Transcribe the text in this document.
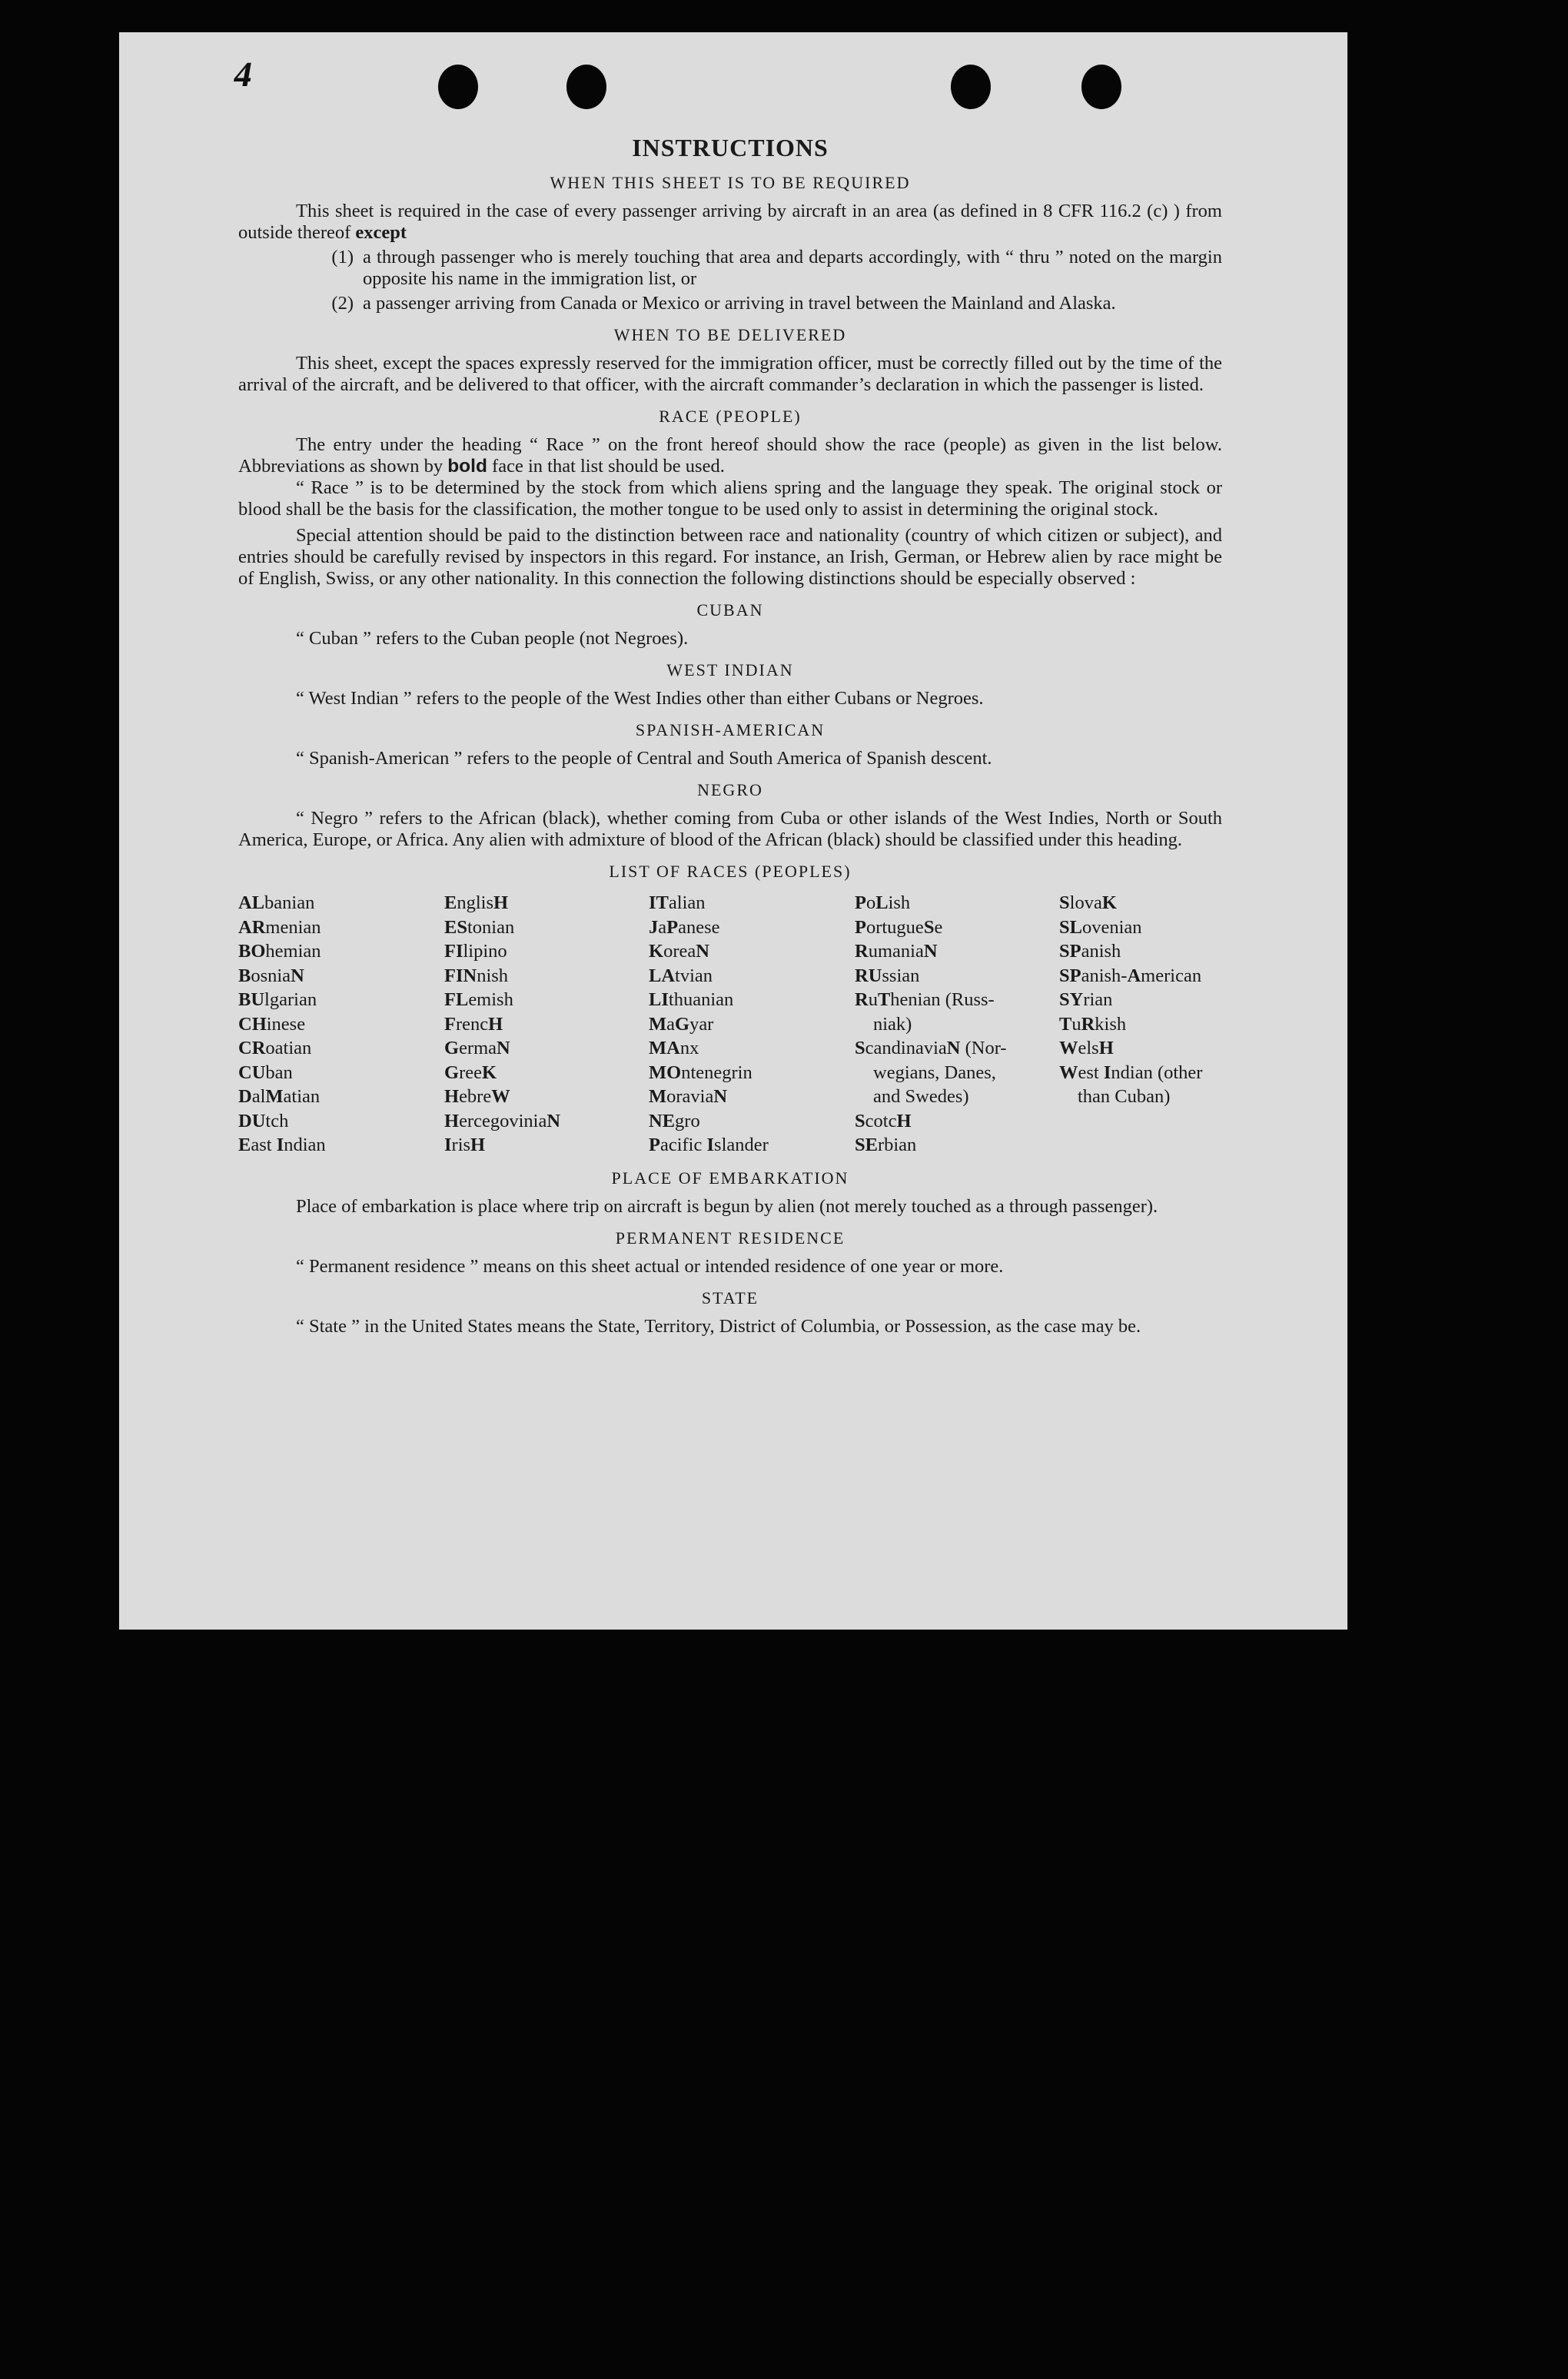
4
INSTRUCTIONS
WHEN THIS SHEET IS TO BE REQUIRED

This sheet is required in the case of every passenger arriving by aircraft in an area (as defined in 8 CFR 116.2 (c) ) from outside thereof except

(1) a through passenger who is merely touching that area and departs accordingly, with “ thru ” noted on the margin opposite his name in the immigration list, or
(2) a passenger arriving from Canada or Mexico or arriving in travel between the Mainland and Alaska.
WHEN TO BE DELIVERED

This sheet, except the spaces expressly reserved for the immigration officer, must be correctly filled out by the time of the arrival of the aircraft, and be delivered to that officer, with the aircraft commander’s declaration in which the passenger is listed.

RACE (PEOPLE)

The entry under the heading “ Race ” on the front hereof should show the race (people) as given in the list below. Abbreviations as shown by bold face in that list should be used.

“ Race ” is to be determined by the stock from which aliens spring and the language they speak. The original stock or blood shall be the basis for the classification, the mother tongue to be used only to assist in determining the original stock.

Special attention should be paid to the distinction between race and nationality (country of which citizen or subject), and entries should be carefully revised by inspectors in this regard. For instance, an Irish, German, or Hebrew alien by race might be of English, Swiss, or any other nationality. In this connection the following distinctions should be especially observed :

CUBAN

“ Cuban ” refers to the Cuban people (not Negroes).

WEST INDIAN

“ West Indian ” refers to the people of the West Indies other than either Cubans or Negroes.

SPANISH-AMERICAN

“ Spanish-American ” refers to the people of Central and South America of Spanish descent.

NEGRO

“ Negro ” refers to the African (black), whether coming from Cuba or other islands of the West Indies, North or South America, Europe, or Africa. Any alien with admixture of blood of the African (black) should be classified under this heading.

LIST OF RACES (PEOPLES)
ALbanian
ARmenian
BOhemian
BosniaN
BUlgarian
CHinese
CRoatian
CUban
DalMatian
DUtch
East Indian
EnglisH
EStonian
FIlipino
FINnish
FLemish
FrencH
GermaN
GreeK
HebreW
HercegoviniaN
IrisH
ITalian
JaPanese
KoreaN
LAtvian
LIthuanian
MaGyar
MAnx
MOntenegrin
MoraviaN
NEgro
Pacific Islander
PoLish
PortugueSe
RumaniaN
RUssian
RuThenian (Russ-
niak)
ScandinaviaN (Nor-
wegians, Danes,
and Swedes)
ScotcH
SErbian
SlovaK
SLovenian
SPanish
SPanish-American
SYrian
TuRkish
WelsH
West Indian (other
than Cuban)
PLACE OF EMBARKATION

Place of embarkation is place where trip on aircraft is begun by alien (not merely touched as a through passenger).

PERMANENT RESIDENCE

“ Permanent residence ” means on this sheet actual or intended residence of one year or more.

STATE

“ State ” in the United States means the State, Territory, District of Columbia, or Possession, as the case may be.
